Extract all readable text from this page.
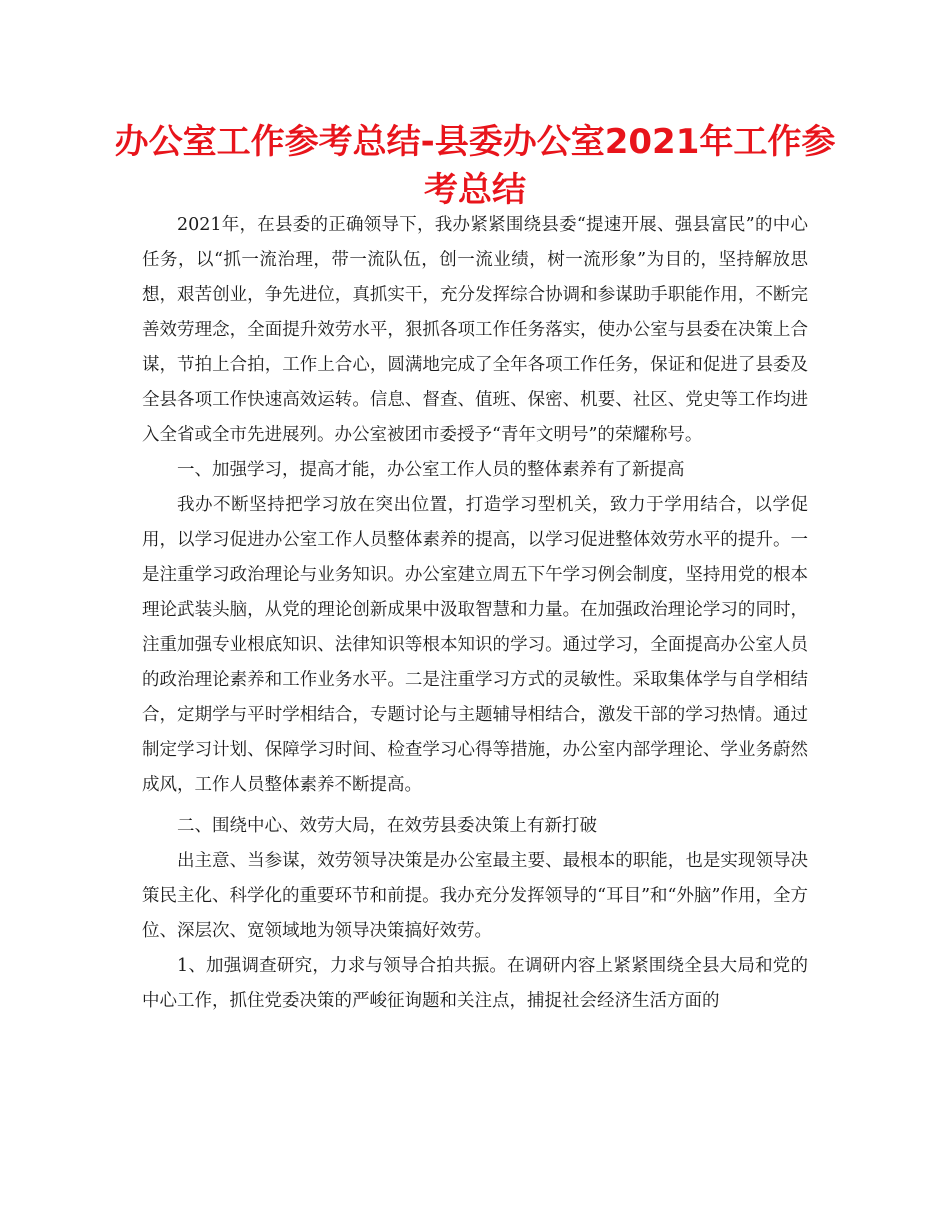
办公室工作参考总结-县委办公室2021年工作参考总结

2021年，在县委的正确领导下，我办紧紧围绕县委“提速开展、强县富民”的中心任务，以“抓一流治理，带一流队伍，创一流业绩，树一流形象”为目的，坚持解放思想，艰苦创业，争先进位，真抓实干，充分发挥综合协调和参谋助手职能作用，不断完善效劳理念，全面提升效劳水平，狠抓各项工作任务落实，使办公室与县委在决策上合谋，节拍上合拍，工作上合心，圆满地完成了全年各项工作任务，保证和促进了县委及全县各项工作快速高效运转。信息、督查、值班、保密、机要、社区、党史等工作均进入全省或全市先进展列。办公室被团市委授予“青年文明号”的荣耀称号。

一、加强学习，提高才能，办公室工作人员的整体素养有了新提高

我办不断坚持把学习放在突出位置，打造学习型机关，致力于学用结合，以学促用，以学习促进办公室工作人员整体素养的提高，以学习促进整体效劳水平的提升。一是注重学习政治理论与业务知识。办公室建立周五下午学习例会制度，坚持用党的根本理论武装头脑，从党的理论创新成果中汲取智慧和力量。在加强政治理论学习的同时，注重加强专业根底知识、法律知识等根本知识的学习。通过学习，全面提高办公室人员的政治理论素养和工作业务水平。二是注重学习方式的灵敏性。采取集体学与自学相结合，定期学与平时学相结合，专题讨论与主题辅导相结合，激发干部的学习热情。通过制定学习计划、保障学习时间、检查学习心得等措施，办公室内部学理论、学业务蔚然成风，工作人员整体素养不断提高。

二、围绕中心、效劳大局，在效劳县委决策上有新打破

出主意、当参谋，效劳领导决策是办公室最主要、最根本的职能，也是实现领导决策民主化、科学化的重要环节和前提。我办充分发挥领导的“耳目”和“外脑”作用，全方位、深层次、宽领域地为领导决策搞好效劳。

1、加强调查研究，力求与领导合拍共振。在调研内容上紧紧围绕全县大局和党的中心工作，抓住党委决策的严峻征询题和关注点，捕捉社会经济生活方面的
